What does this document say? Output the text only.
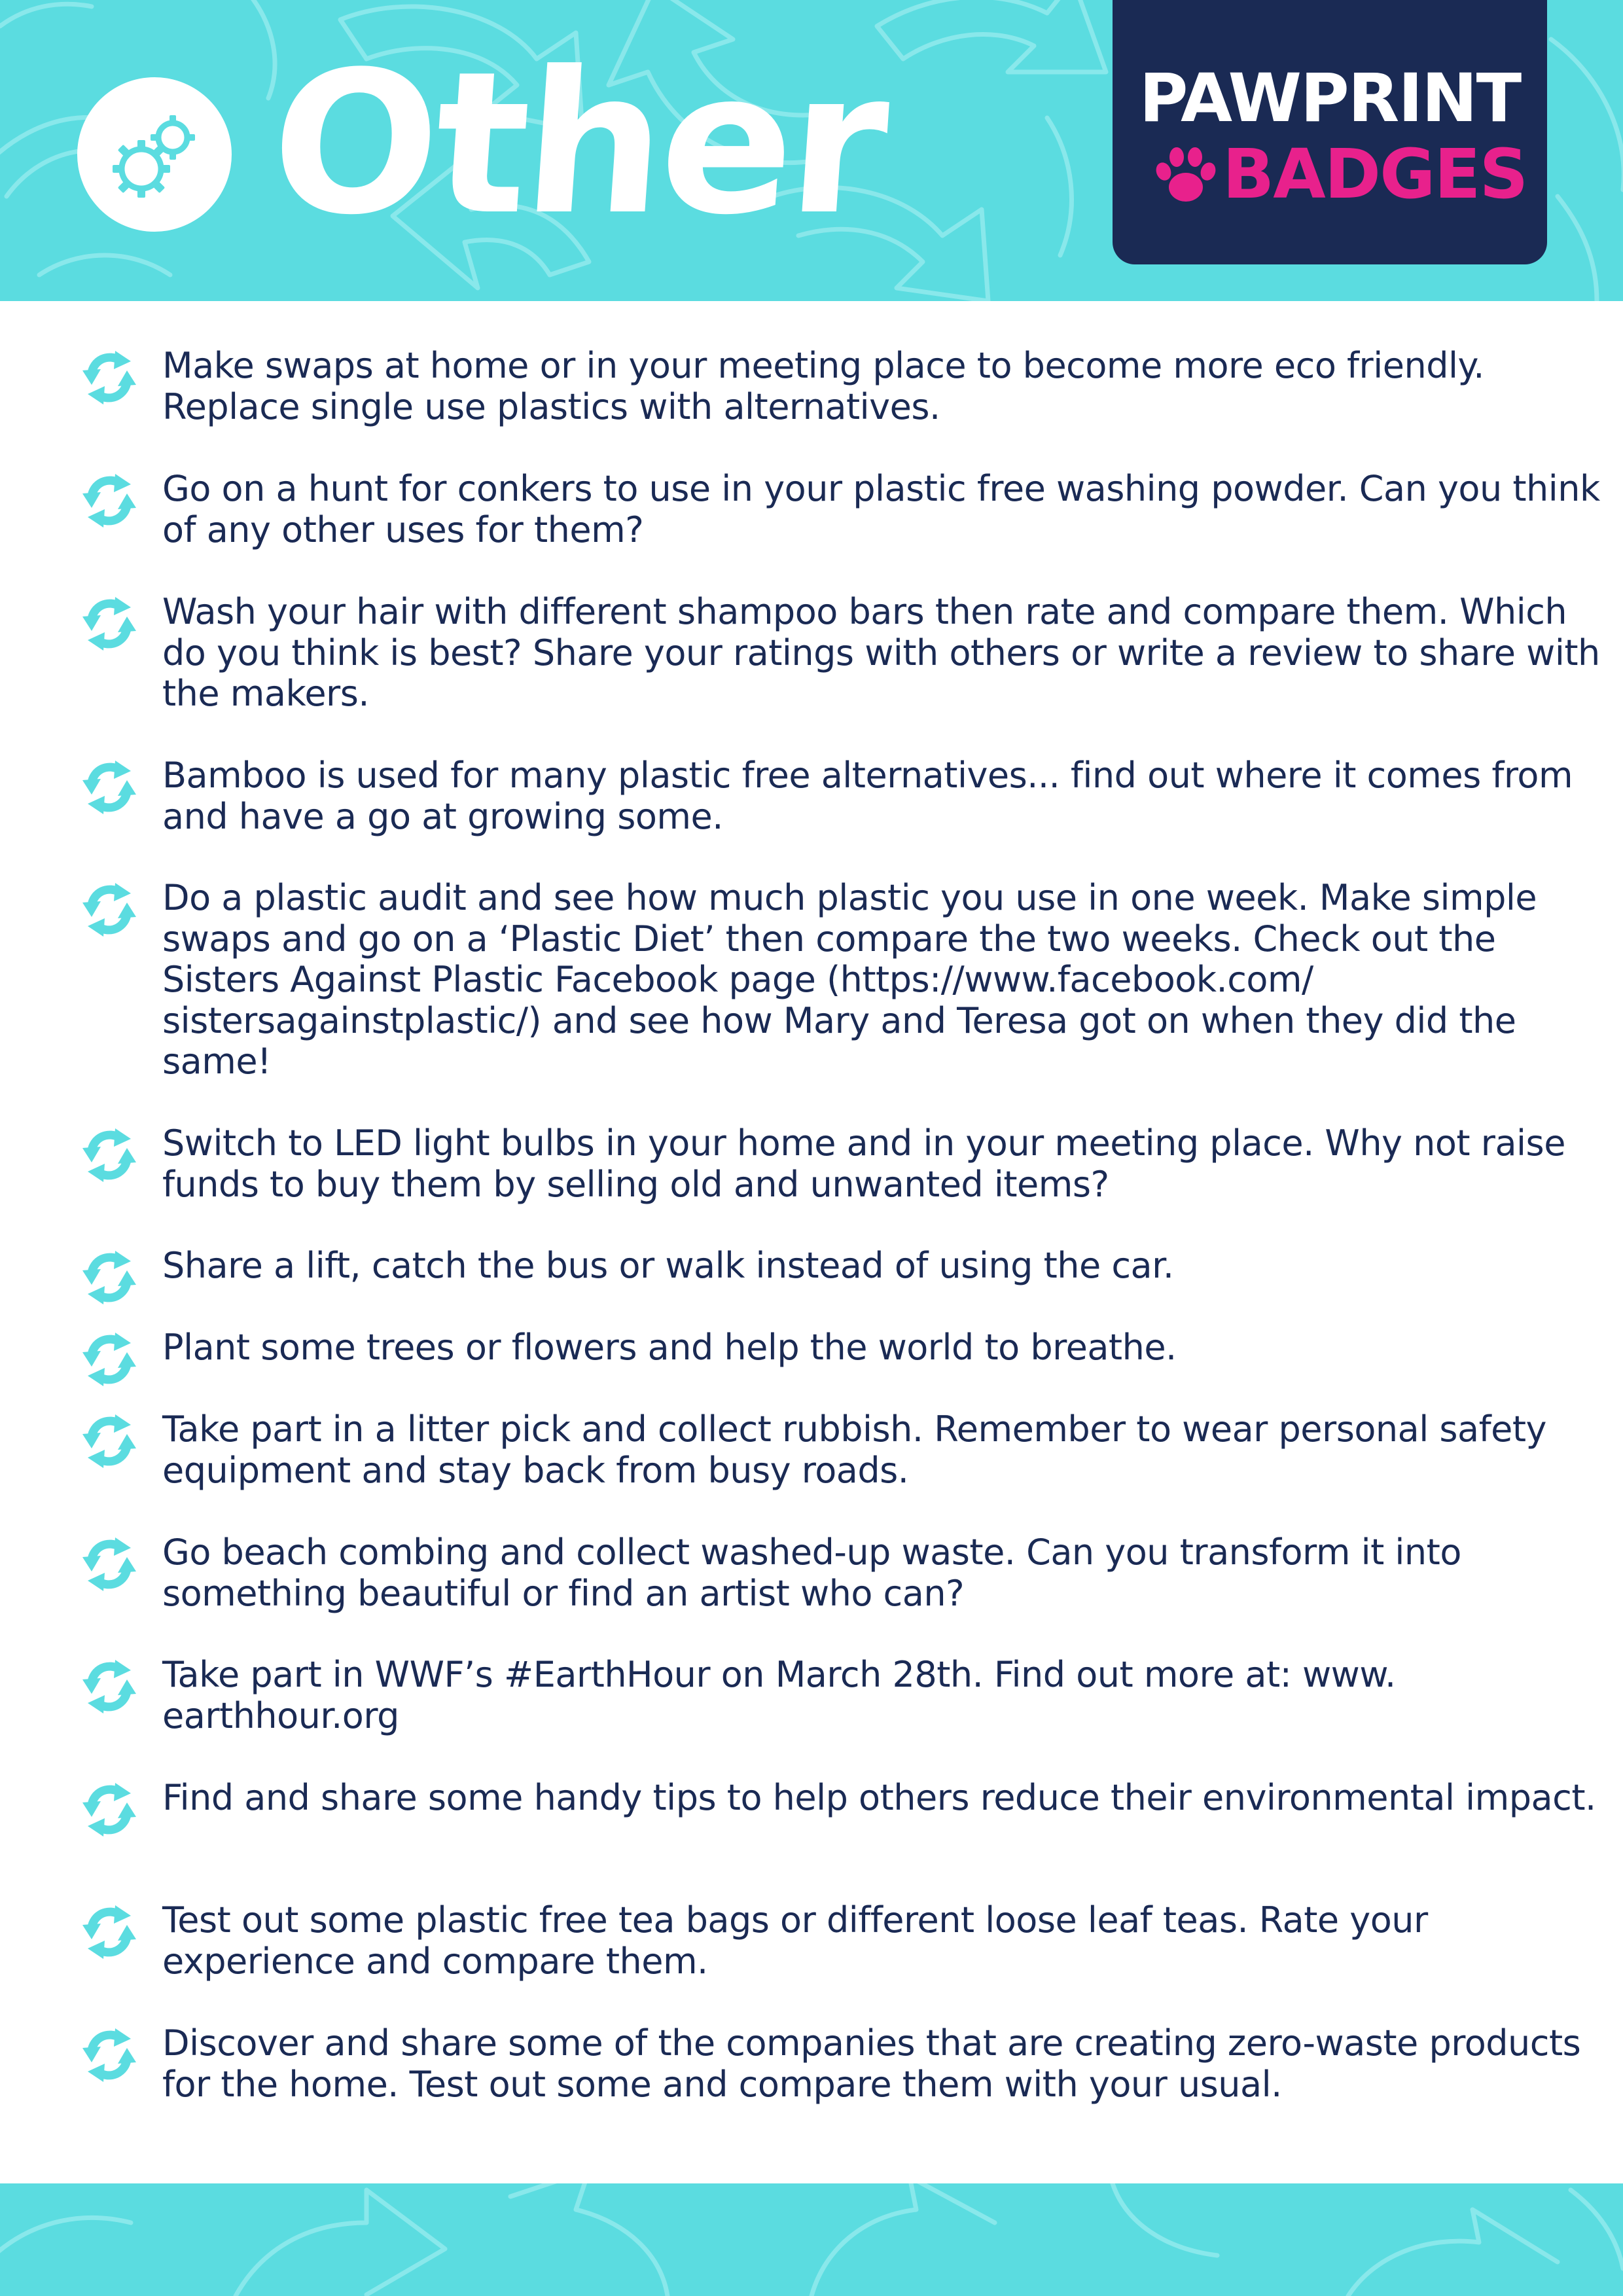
Other	PAWPRINT
BADGES
Make swaps at home or in your meeting place to become more eco friendly. Replace single use plastics with alternatives.
Go on a hunt for conkers to use in your plastic free washing powder. Can you think of any other uses for them?
Wash your hair with different shampoo bars then rate and compare them. Which do you think is best? Share your ratings with others or write a review to share with the makers.
Bamboo is used for many plastic free alternatives... find out where it comes from and have a go at growing some.
Do a plastic audit and see how much plastic you use in one week. Make simple swaps and go on a ‘Plastic Diet’ then compare the two weeks. Check out the Sisters Against Plastic Facebook page (https://www.facebook.com/ sistersagainstplastic/) and see how Mary and Teresa got on when they did the same!
Switch to LED light bulbs in your home and in your meeting place. Why not raise funds to buy them by selling old and unwanted items?
Share a lift, catch the bus or walk instead of using the car.
Plant some trees or flowers and help the world to breathe.
Take part in a litter pick and collect rubbish. Remember to wear personal safety equipment and stay back from busy roads.
Go beach combing and collect washed-up waste. Can you transform it into something beautiful or find an artist who can?
Take part in WWF’s #EarthHour on March 28th. Find out more at: www. earthhour.org
Find and share some handy tips to help others reduce their environmental impact.
Test out some plastic free tea bags or different loose leaf teas. Rate your experience and compare them.
Discover and share some of the companies that are creating zero-waste products for the home. Test out some and compare them with your usual.
